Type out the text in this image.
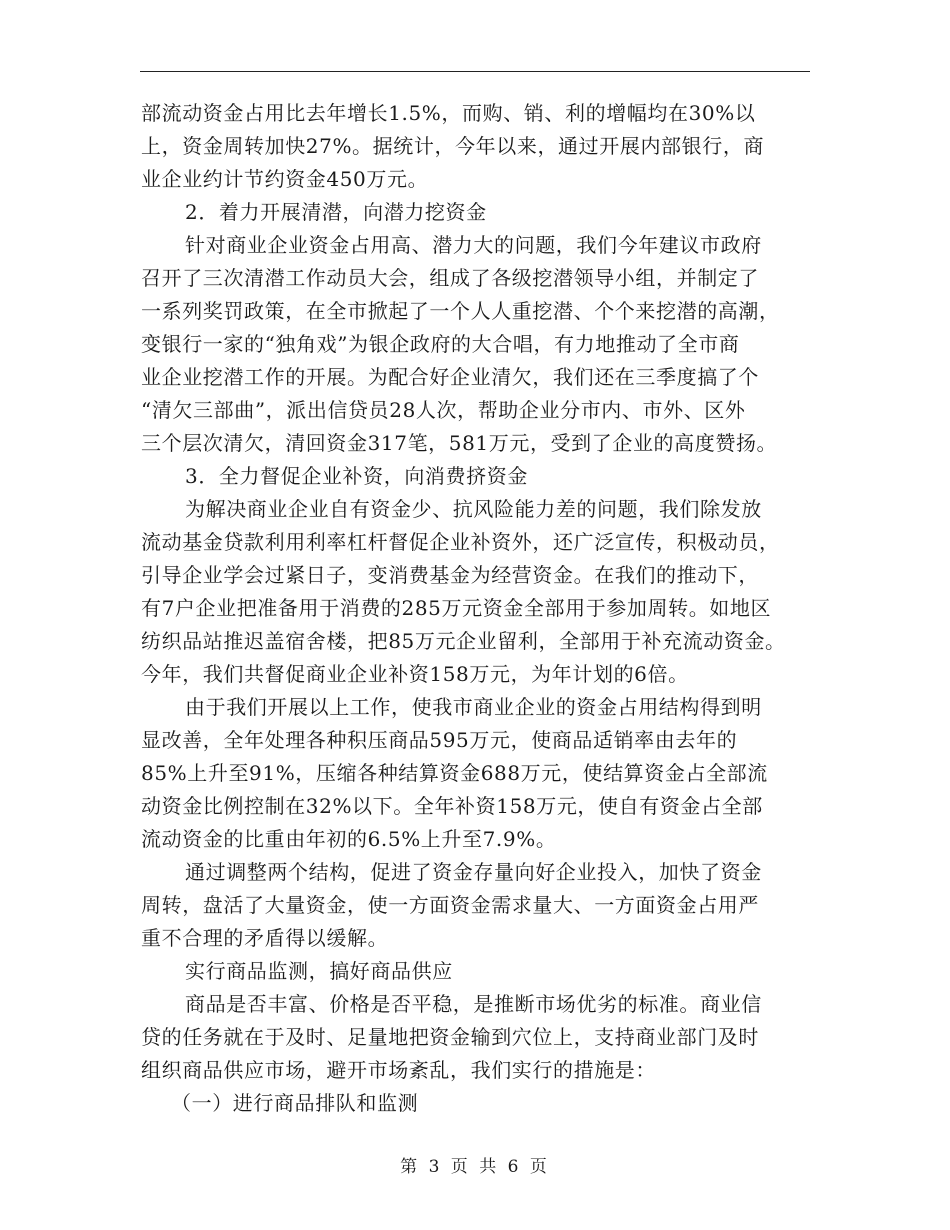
部流动资金占用比去年增长1.5%，而购、销、利的增幅均在30%以
上，资金周转加快27%。据统计，今年以来，通过开展内部银行，商
业企业约计节约资金450万元。
2．着力开展清潜，向潜力挖资金
针对商业企业资金占用高、潜力大的问题，我们今年建议市政府
召开了三次清潜工作动员大会，组成了各级挖潜领导小组，并制定了
一系列奖罚政策，在全市掀起了一个人人重挖潜、个个来挖潜的高潮，
变银行一家的“独角戏”为银企政府的大合唱，有力地推动了全市商
业企业挖潜工作的开展。为配合好企业清欠，我们还在三季度搞了个
“清欠三部曲”，派出信贷员28人次，帮助企业分市内、市外、区外
三个层次清欠，清回资金317笔，581万元，受到了企业的高度赞扬。
3．全力督促企业补资，向消费挤资金
为解决商业企业自有资金少、抗风险能力差的问题，我们除发放
流动基金贷款利用利率杠杆督促企业补资外，还广泛宣传，积极动员，
引导企业学会过紧日子，变消费基金为经营资金。在我们的推动下，
有7户企业把准备用于消费的285万元资金全部用于参加周转。如地区
纺织品站推迟盖宿舍楼，把85万元企业留利，全部用于补充流动资金。
今年，我们共督促商业企业补资158万元，为年计划的6倍。
由于我们开展以上工作，使我市商业企业的资金占用结构得到明
显改善，全年处理各种积压商品595万元，使商品适销率由去年的
85%上升至91%，压缩各种结算资金688万元，使结算资金占全部流
动资金比例控制在32%以下。全年补资158万元，使自有资金占全部
流动资金的比重由年初的6.5%上升至7.9%。
通过调整两个结构，促进了资金存量向好企业投入，加快了资金
周转，盘活了大量资金，使一方面资金需求量大、一方面资金占用严
重不合理的矛盾得以缓解。
实行商品监测，搞好商品供应
商品是否丰富、价格是否平稳，是推断市场优劣的标准。商业信
贷的任务就在于及时、足量地把资金输到穴位上，支持商业部门及时
组织商品供应市场，避开市场紊乱，我们实行的措施是：
（一）进行商品排队和监测
第 3 页 共 6 页
